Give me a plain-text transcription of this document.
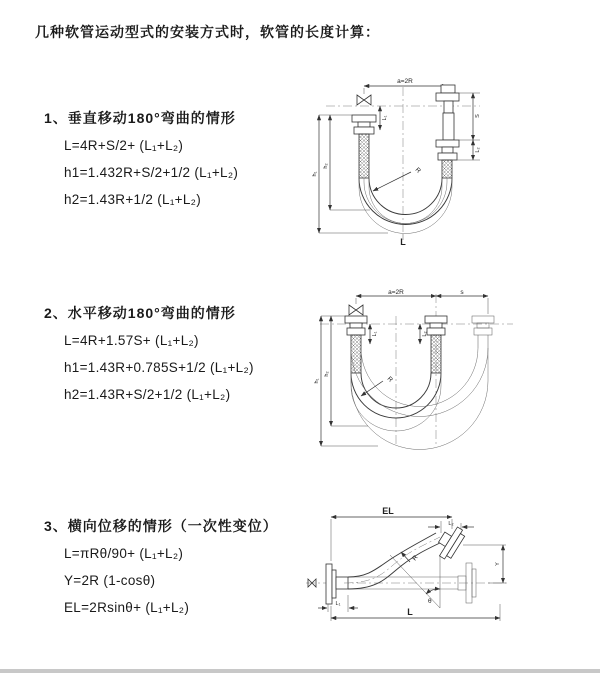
几种软管运动型式的安装方式时，软管的长度计算：
1、垂直移动180°弯曲的情形
L=4R+S/2+ (L₁+L₂)
h1=1.432R+S/2+1/2 (L₁+L₂)
h2=1.43R+1/2 (L₁+L₂)
a=2R
h₁
h₂
L₁	S
L₂
R
L
2、水平移动180°弯曲的情形
L=4R+1.57S+ (L₁+L₂)
h1=1.43R+0.785S+1/2 (L₁+L₂)
h2=1.43R+S/2+1/2 (L₁+L₂)
a=2R	s
h₁
h₂
L₁	L₂
R
3、横向位移的情形（一次性变位）
L=πRθ/90+ (L₁+L₂)
Y=2R (1-cosθ)
EL=2Rsinθ+ (L₁+L₂)
EL
L₂
θ
R
Y
L₁
L
